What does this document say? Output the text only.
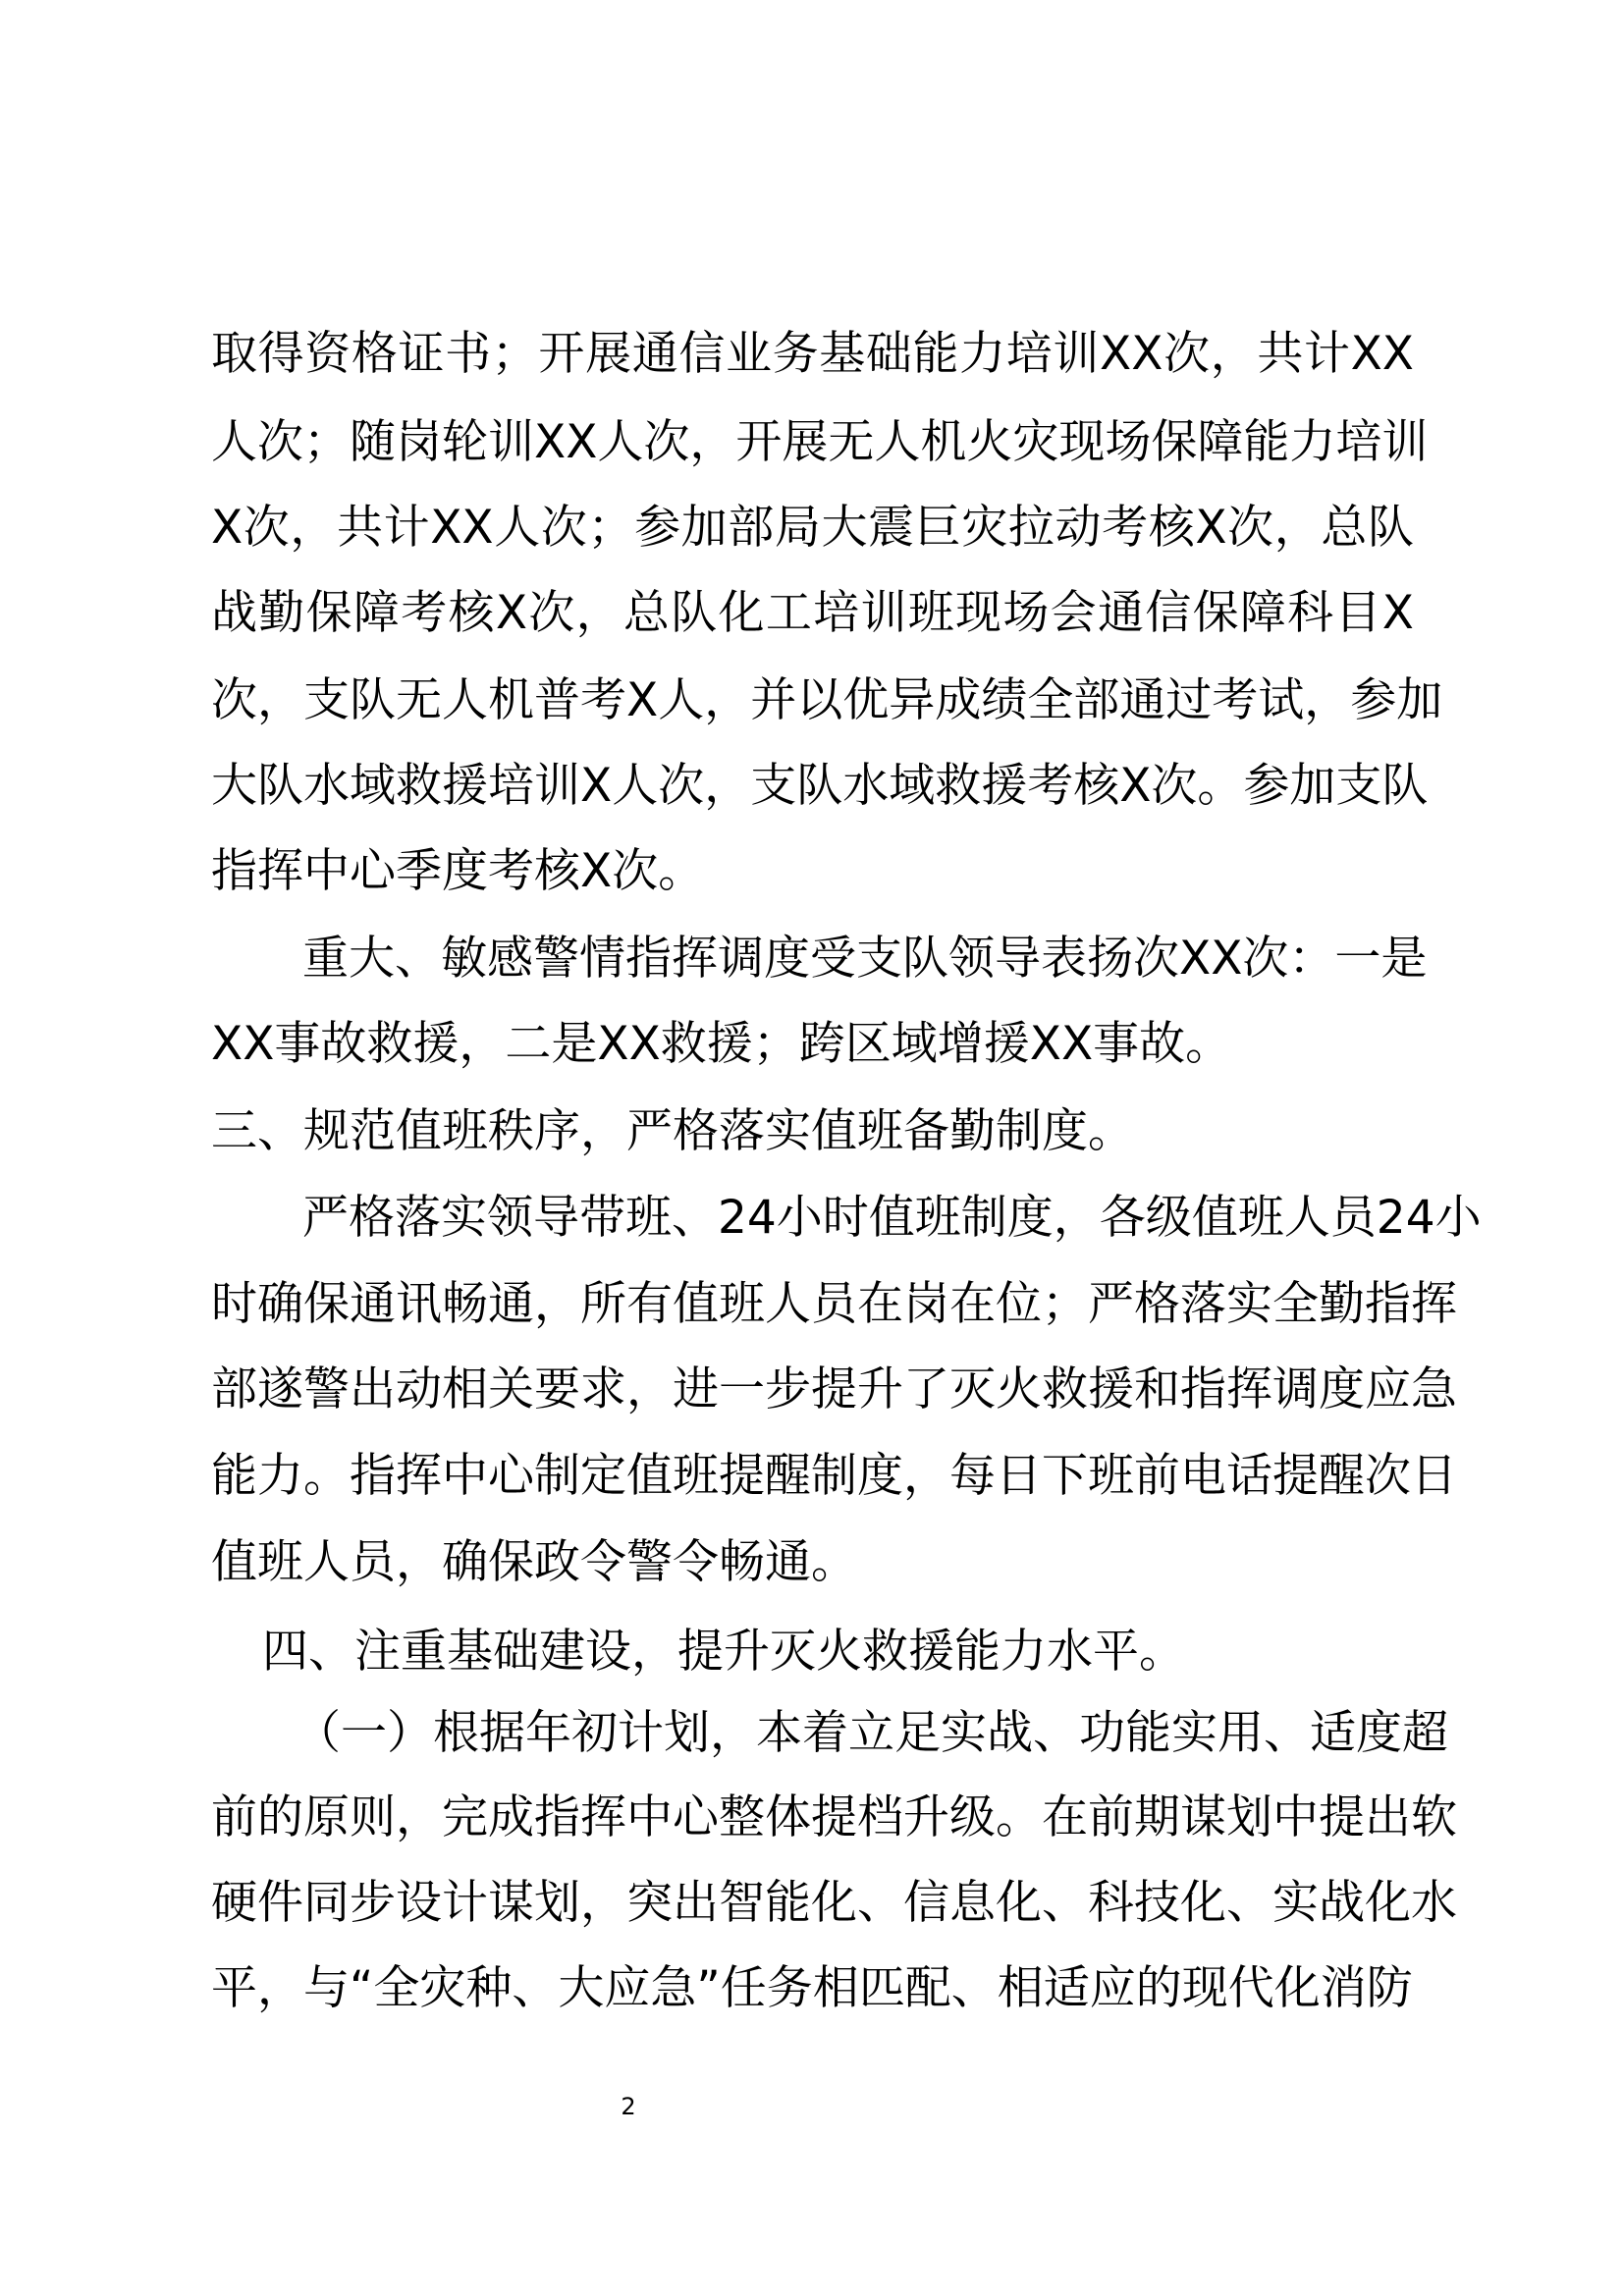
取得资格证书；开展通信业务基础能力培训XX次，共计XX
人次；随岗轮训XX人次，开展无人机火灾现场保障能力培训
X次，共计XX人次；参加部局大震巨灾拉动考核X次，总队
战勤保障考核X次，总队化工培训班现场会通信保障科目X
次，支队无人机普考X人，并以优异成绩全部通过考试，参加
大队水域救援培训X人次，支队水域救援考核X次。参加支队
指挥中心季度考核X次。
重大、敏感警情指挥调度受支队领导表扬次XX次：一是
XX事故救援，二是XX救援；跨区域增援XX事故。
三、规范值班秩序，严格落实值班备勤制度。
严格落实领导带班、24小时值班制度，各级值班人员24小
时确保通讯畅通，所有值班人员在岗在位；严格落实全勤指挥
部遂警出动相关要求，进一步提升了灭火救援和指挥调度应急
能力。指挥中心制定值班提醒制度，每日下班前电话提醒次日
值班人员，确保政令警令畅通。
四、注重基础建设，提升灭火救援能力水平。
（一）根据年初计划，本着立足实战、功能实用、适度超
前的原则，完成指挥中心整体提档升级。在前期谋划中提出软
硬件同步设计谋划，突出智能化、信息化、科技化、实战化水
平，与“全灾种、大应急”任务相匹配、相适应的现代化消防
2
